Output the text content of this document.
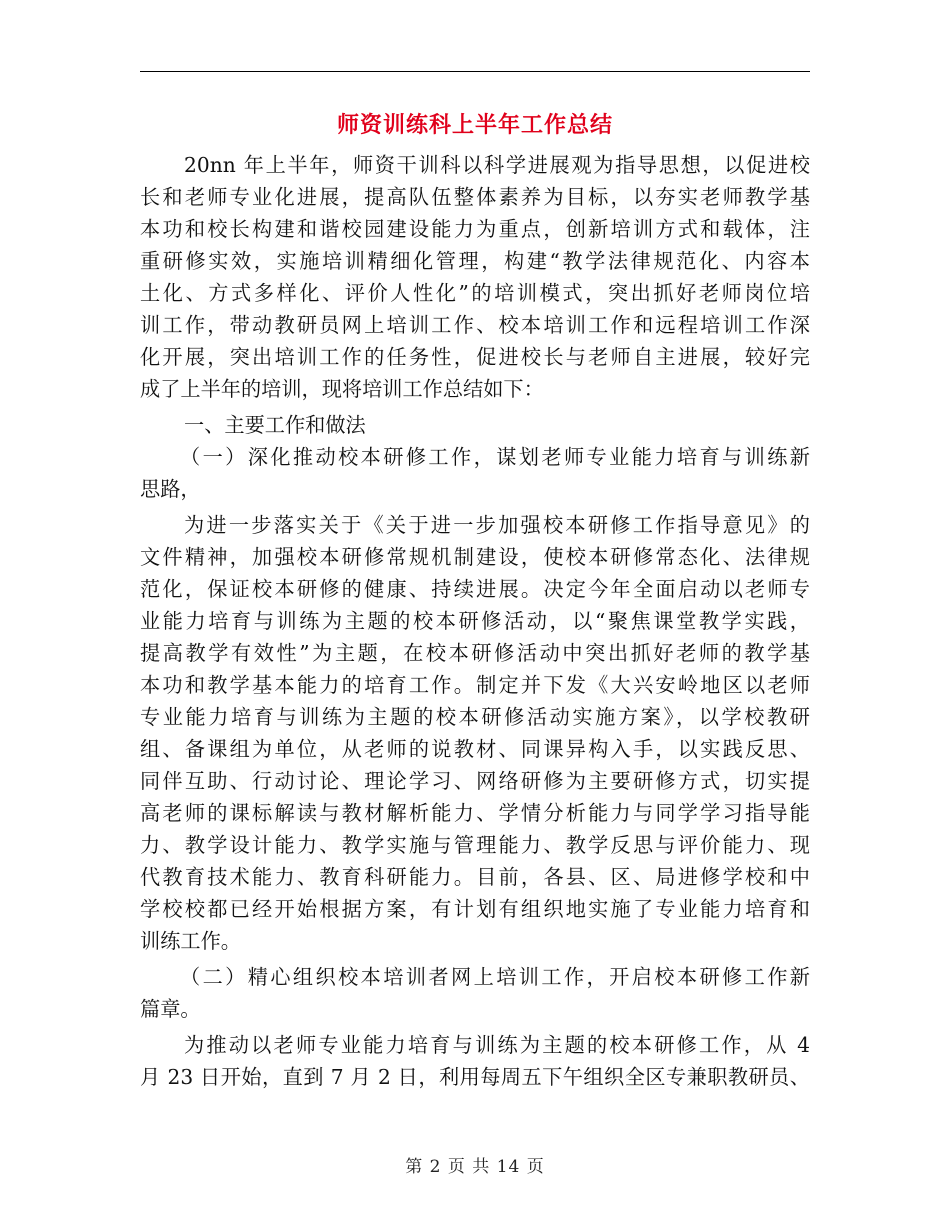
师资训练科上半年工作总结

20nn 年上半年，师资干训科以科学进展观为指导思想，以促进校

长和老师专业化进展，提高队伍整体素养为目标，以夯实老师教学基

本功和校长构建和谐校园建设能力为重点，创新培训方式和载体，注

重研修实效，实施培训精细化管理，构建“教学法律规范化、内容本

土化、方式多样化、评价人性化”的培训模式，突出抓好老师岗位培

训工作，带动教研员网上培训工作、校本培训工作和远程培训工作深

化开展，突出培训工作的任务性，促进校长与老师自主进展，较好完

成了上半年的培训，现将培训工作总结如下：

一、主要工作和做法

（一）深化推动校本研修工作，谋划老师专业能力培育与训练新

思路，

为进一步落实关于《关于进一步加强校本研修工作指导意见》的

文件精神，加强校本研修常规机制建设，使校本研修常态化、法律规

范化，保证校本研修的健康、持续进展。决定今年全面启动以老师专

业能力培育与训练为主题的校本研修活动，以“聚焦课堂教学实践，

提高教学有效性”为主题，在校本研修活动中突出抓好老师的教学基

本功和教学基本能力的培育工作。制定并下发《大兴安岭地区以老师

专业能力培育与训练为主题的校本研修活动实施方案》，以学校教研

组、备课组为单位，从老师的说教材、同课异构入手，以实践反思、

同伴互助、行动讨论、理论学习、网络研修为主要研修方式，切实提

高老师的课标解读与教材解析能力、学情分析能力与同学学习指导能

力、教学设计能力、教学实施与管理能力、教学反思与评价能力、现

代教育技术能力、教育科研能力。目前，各县、区、局进修学校和中

学校校都已经开始根据方案，有计划有组织地实施了专业能力培育和

训练工作。

（二）精心组织校本培训者网上培训工作，开启校本研修工作新

篇章。

为推动以老师专业能力培育与训练为主题的校本研修工作，从 4

月 23 日开始，直到 7 月 2 日，利用每周五下午组织全区专兼职教研员、

第 2 页 共 14 页
